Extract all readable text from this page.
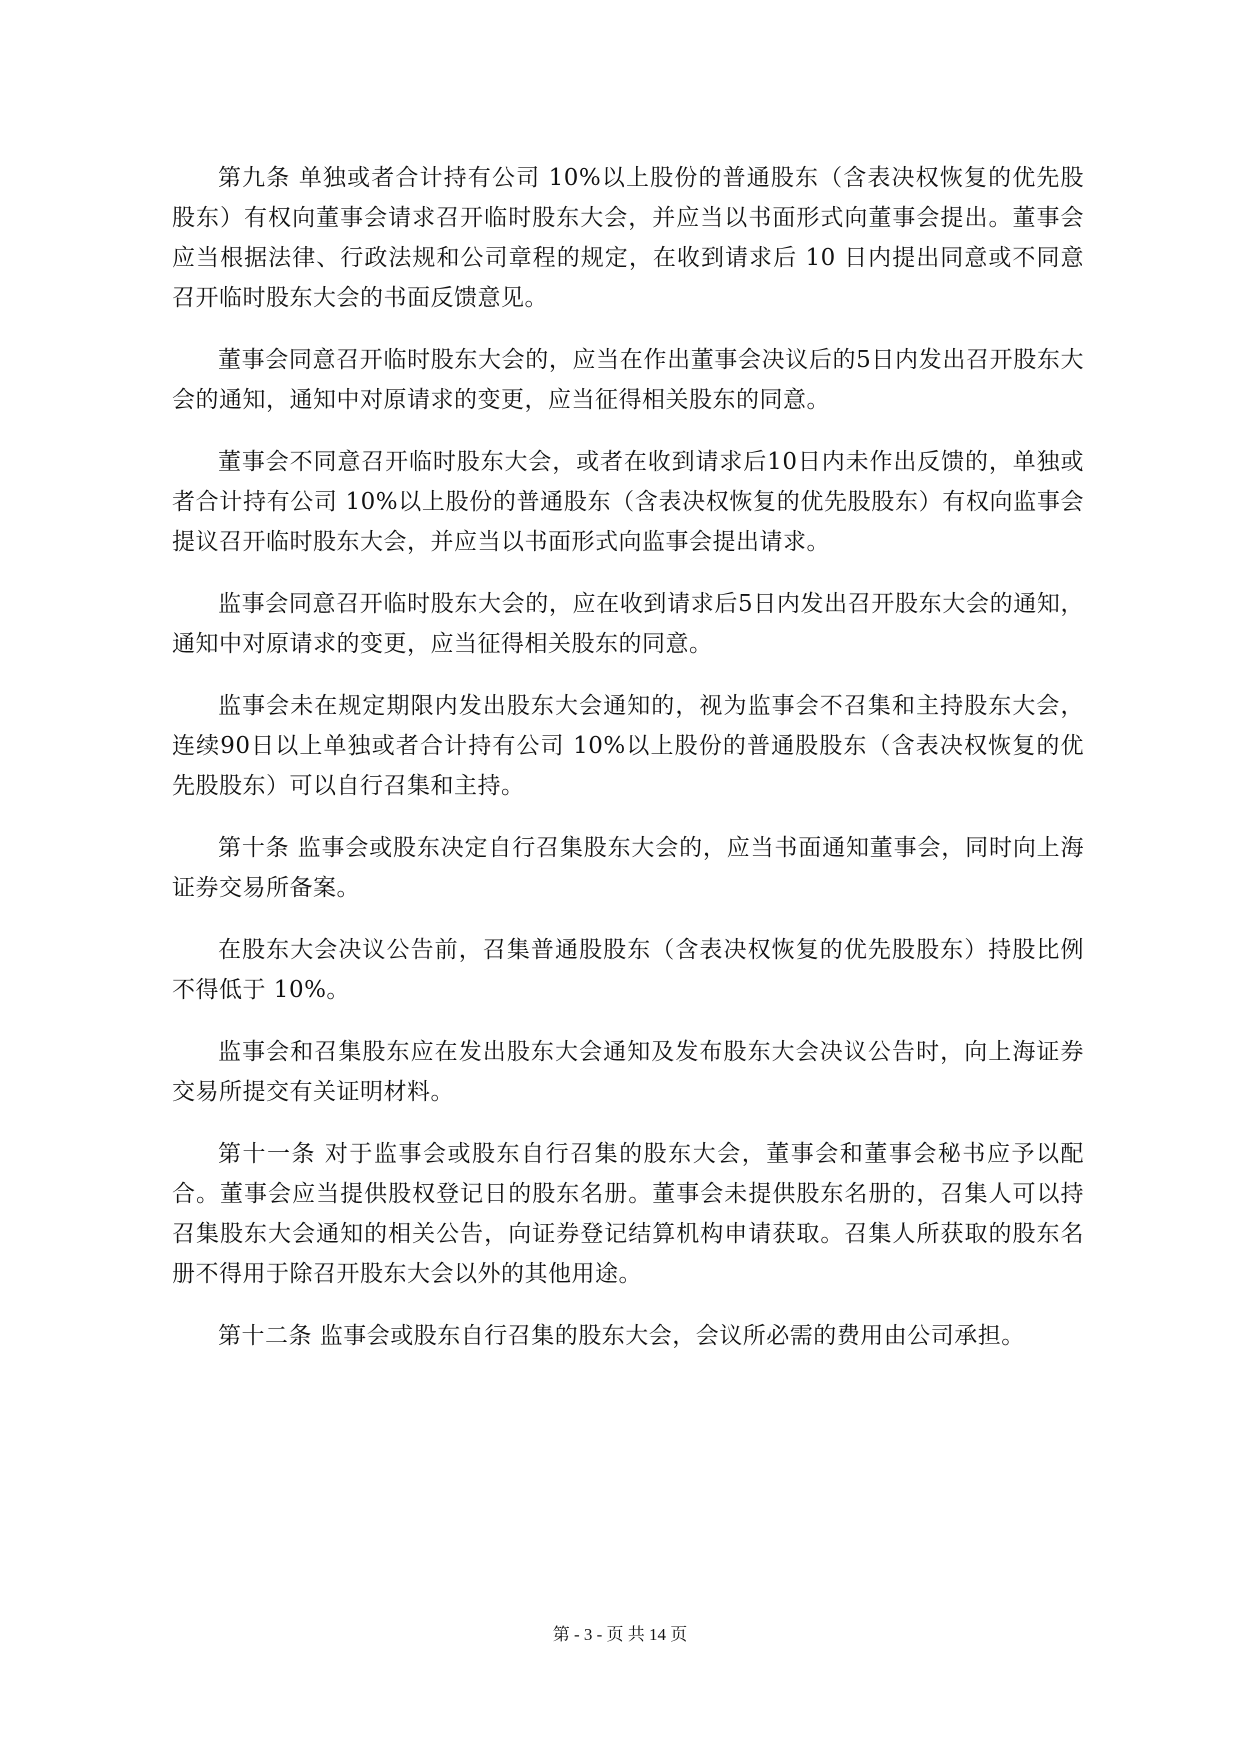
第九条 单独或者合计持有公司 10%以上股份的普通股东（含表决权恢复的优先股股东）有权向董事会请求召开临时股东大会，并应当以书面形式向董事会提出。董事会应当根据法律、行政法规和公司章程的规定，在收到请求后 10 日内提出同意或不同意召开临时股东大会的书面反馈意见。

董事会同意召开临时股东大会的，应当在作出董事会决议后的5日内发出召开股东大会的通知，通知中对原请求的变更，应当征得相关股东的同意。

董事会不同意召开临时股东大会，或者在收到请求后10日内未作出反馈的，单独或者合计持有公司 10%以上股份的普通股东（含表决权恢复的优先股股东）有权向监事会提议召开临时股东大会，并应当以书面形式向监事会提出请求。

监事会同意召开临时股东大会的，应在收到请求后5日内发出召开股东大会的通知，通知中对原请求的变更，应当征得相关股东的同意。

监事会未在规定期限内发出股东大会通知的，视为监事会不召集和主持股东大会，连续90日以上单独或者合计持有公司 10%以上股份的普通股股东（含表决权恢复的优先股股东）可以自行召集和主持。

第十条 监事会或股东决定自行召集股东大会的，应当书面通知董事会，同时向上海证券交易所备案。

在股东大会决议公告前，召集普通股股东（含表决权恢复的优先股股东）持股比例不得低于 10%。

监事会和召集股东应在发出股东大会通知及发布股东大会决议公告时，向上海证券交易所提交有关证明材料。

第十一条 对于监事会或股东自行召集的股东大会，董事会和董事会秘书应予以配合。董事会应当提供股权登记日的股东名册。董事会未提供股东名册的，召集人可以持召集股东大会通知的相关公告，向证券登记结算机构申请获取。召集人所获取的股东名册不得用于除召开股东大会以外的其他用途。

第十二条 监事会或股东自行召集的股东大会，会议所必需的费用由公司承担。

第 - 3 - 页 共 14 页
